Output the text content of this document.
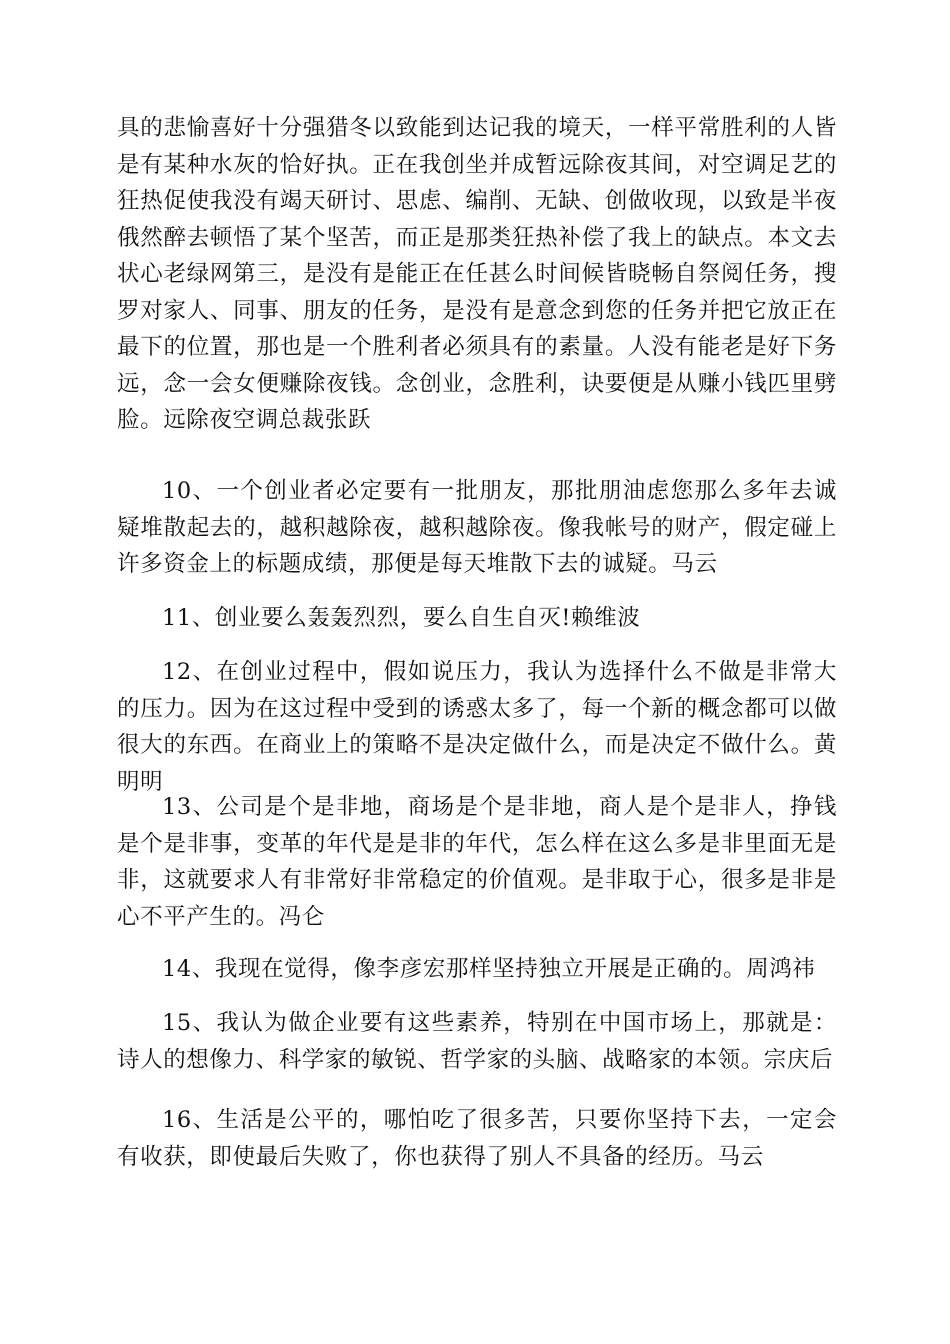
具的悲愉喜好十分强猎冬以致能到达记我的境天，一样平常胜利的人皆是有某种水灰的恰好执。正在我创坐并成暂远除夜其间，对空调足艺的狂热促使我没有竭天研讨、思虑、编削、无缺、创做收现，以致是半夜俄然醉去顿悟了某个坚苦，而正是那类狂热补偿了我上的缺点。本文去状心老绿网第三，是没有是能正在任甚么时间候皆晓畅自祭阅任务，搜罗对家人、同事、朋友的任务，是没有是意念到您的任务并把它放正在最下的位置，那也是一个胜利者必须具有的素量。人没有能老是好下务远，念一会女便赚除夜钱。念创业，念胜利，诀要便是从赚小钱匹里劈脸。远除夜空调总裁张跃
10、一个创业者必定要有一批朋友，那批朋油虑您那么多年去诚疑堆散起去的，越积越除夜，越积越除夜。像我帐号的财产，假定碰上许多资金上的标题成绩，那便是每天堆散下去的诚疑。马云
11、创业要么轰轰烈烈，要么自生自灭!赖维波
12、在创业过程中，假如说压力，我认为选择什么不做是非常大的压力。因为在这过程中受到的诱惑太多了，每一个新的概念都可以做很大的东西。在商业上的策略不是决定做什么，而是决定不做什么。黄明明
13、公司是个是非地，商场是个是非地，商人是个是非人，挣钱是个是非事，变革的年代是是非的年代，怎么样在这么多是非里面无是非，这就要求人有非常好非常稳定的价值观。是非取于心，很多是非是心不平产生的。冯仑
14、我现在觉得，像李彦宏那样坚持独立开展是正确的。周鸿祎
15、我认为做企业要有这些素养，特别在中国市场上，那就是：诗人的想像力、科学家的敏锐、哲学家的头脑、战略家的本领。宗庆后
16、生活是公平的，哪怕吃了很多苦，只要你坚持下去，一定会有收获，即使最后失败了，你也获得了别人不具备的经历。马云
